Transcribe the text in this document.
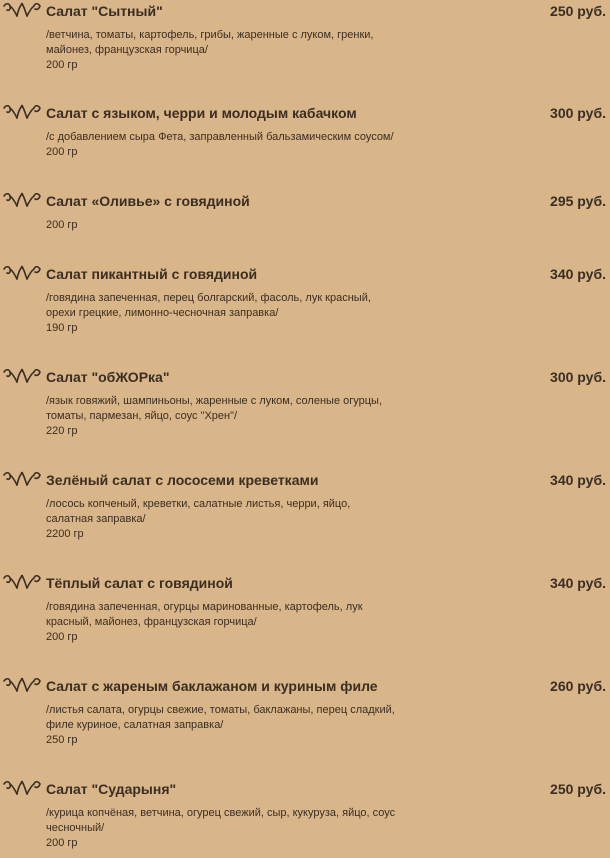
Салат "Сытный"	250 руб.
/ветчина, томаты, картофель, грибы, жаренные с луком, гренки,
майонез, французская горчица/
200 гр
Салат с языком, черри и молодым кабачком	300 руб.
/с добавлением сыра Фета, заправленный бальзамическим соусом/
200 гр
Салат «Оливье» с говядиной	295 руб.
200 гр
Салат пикантный с говядиной	340 руб.
/говядина запеченная, перец болгарский, фасоль, лук красный,
орехи грецкие, лимонно-чесночная заправка/
190 гр
Салат "обЖОРка"	300 руб.
/язык говяжий, шампиньоны, жаренные с луком, соленые огурцы,
томаты, пармезан, яйцо, соус "Хрен"/
220 гр
Зелёный салат с лососеми креветками	340 руб.
/лосось копченый, креветки, салатные листья, черри, яйцо,
салатная заправка/
2200 гр
Тёплый салат с говядиной	340 руб.
/говядина запеченная, огурцы маринованные, картофель, лук
красный, майонез, французская горчица/
200 гр
Салат с жареным баклажаном и куриным филе	260 руб.
/листья салата, огурцы свежие, томаты, баклажаны, перец сладкий,
филе куриное, салатная заправка/
250 гр
Салат "Сударыня"	250 руб.
/курица копчёная, ветчина, огурец свежий, сыр, кукуруза, яйцо, соус
чесночный/
200 гр
